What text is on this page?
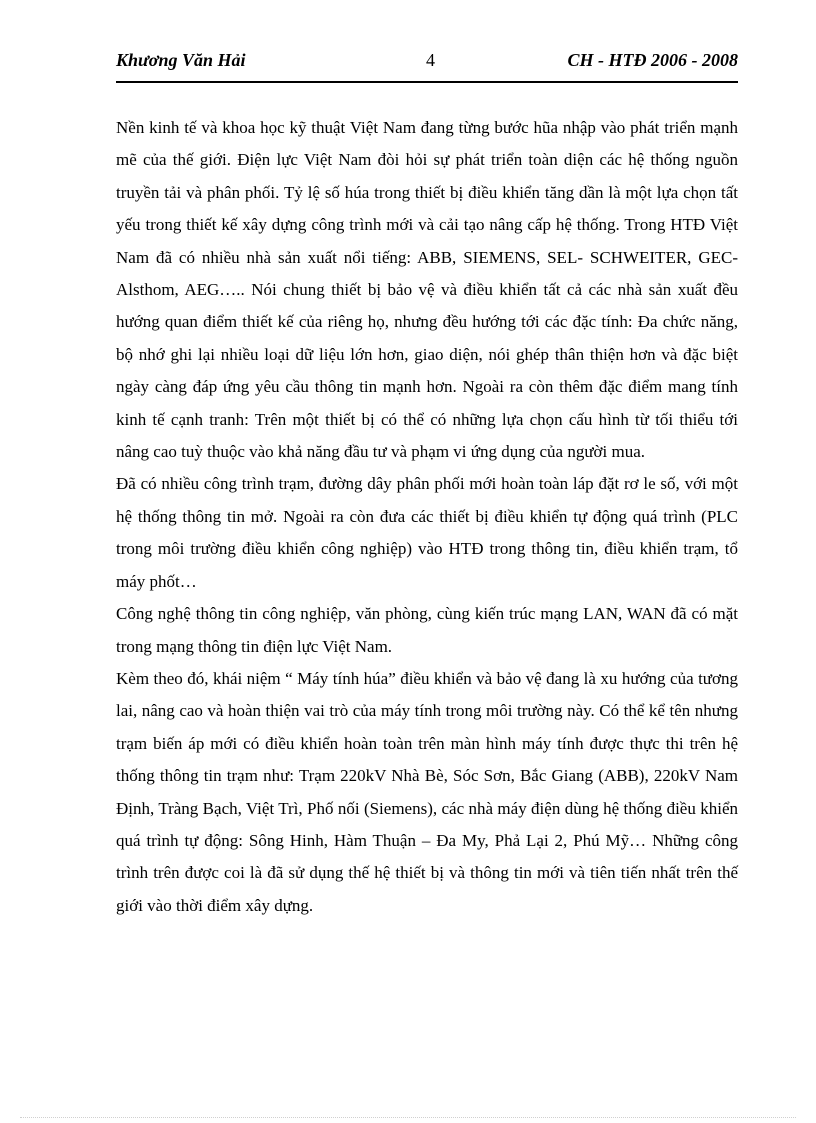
Khương Văn Hải	4	CH - HTĐ 2006 - 2008

Nền kinh tế và khoa học kỹ thuật Việt Nam đang từng bước hũa nhập vào phát triển mạnh mẽ của thế giới. Điện lực Việt Nam đòi hỏi sự phát triển toàn diện các hệ thống nguồn truyền tải và phân phối. Tỷ lệ số húa trong thiết bị điều khiển tăng dần là một lựa chọn tất yếu trong thiết kế xây dựng công trình mới và cải tạo nâng cấp hệ thống. Trong HTĐ Việt Nam đã có nhiều nhà sản xuất nổi tiếng: ABB, SIEMENS, SEL- SCHWEITER, GEC- Alsthom, AEG….. Nói chung thiết bị bảo vệ và điều khiển tất cả các nhà sản xuất đều hướng quan điểm thiết kế của riêng họ, nhưng đều hướng tới các đặc tính: Đa chức năng, bộ nhớ ghi lại nhiều loại dữ liệu lớn hơn, giao diện, nói ghép thân thiện hơn và đặc biệt ngày càng đáp ứng yêu cầu thông tin mạnh hơn. Ngoài ra còn thêm đặc điểm mang tính kinh tế cạnh tranh: Trên một thiết bị có thể có những lựa chọn cấu hình từ tối thiểu tới nâng cao tuỳ thuộc vào khả năng đầu tư và phạm vi ứng dụng của người mua.

Đã có nhiều công trình trạm, đường dây phân phối mới hoàn toàn láp đặt rơ le số, với một hệ thống thông tin mở. Ngoài ra còn đưa các thiết bị điều khiển tự động quá trình (PLC trong môi trường điều khiển công nghiệp) vào HTĐ trong thông tin, điều khiển trạm, tổ máy phốt…

Công nghệ thông tin công nghiệp, văn phòng, cùng kiến trúc mạng LAN, WAN đã có mặt trong mạng thông tin điện lực Việt Nam.

Kèm theo đó, khái niệm “ Máy tính húa” điều khiển và bảo vệ đang là xu hướng của tương lai, nâng cao và hoàn thiện vai trò của máy tính trong môi trường này. Có thể kể tên nhưng trạm biến áp mới có điều khiển hoàn toàn trên màn hình máy tính được thực thi trên hệ thống thông tin trạm như: Trạm 220kV Nhà Bè, Sóc Sơn, Bắc Giang (ABB), 220kV Nam Định, Tràng Bạch, Việt Trì, Phố nối (Siemens), các nhà máy điện dùng hệ thống điều khiển quá trình tự động: Sông Hinh, Hàm Thuận – Đa My, Phả Lại 2, Phú Mỹ… Những công trình trên được coi là đã sử dụng thế hệ thiết bị và thông tin mới và tiên tiến nhất trên thế giới vào thời điểm xây dựng.
